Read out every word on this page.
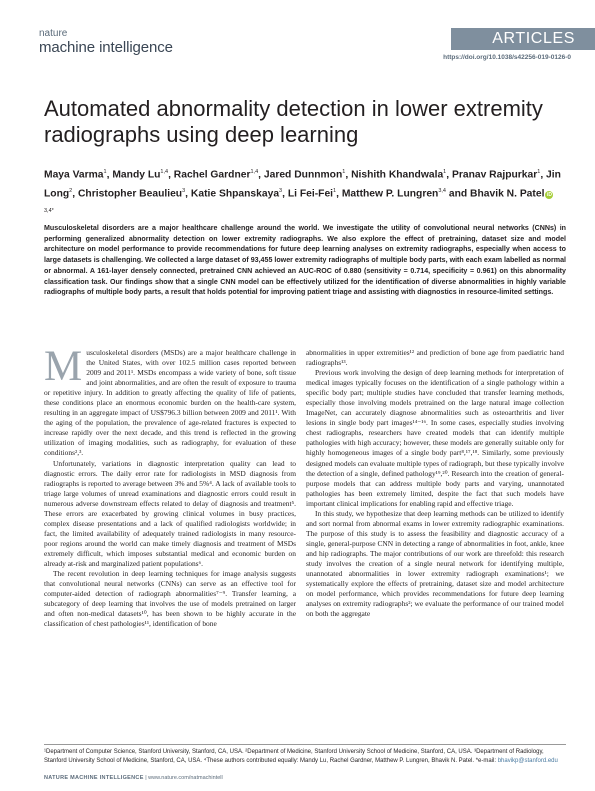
nature
machine intelligence
ARTICLES
https://doi.org/10.1038/s42256-019-0126-0
Automated abnormality detection in lower extremity radiographs using deep learning
Maya Varma$^1$, Mandy Lu$^{1,4}$, Rachel Gardner$^{1,4}$, Jared Dunnmon$^1$, Nishith Khandwala$^1$, Pranav Rajpurkar$^1$, Jin Long$^2$, Christopher Beaulieu$^3$, Katie Shpanskaya$^3$, Li Fei-Fei$^1$, Matthew P. Lungren$^{3,4}$ and Bhavik N. Patel $iD^{3,4*}$
Musculoskeletal disorders are a major healthcare challenge around the world. We investigate the utility of convolutional neural networks (CNNs) in performing generalized abnormality detection on lower extremity radiographs. We also explore the effect of pretraining, dataset size and model architecture on model performance to provide recommendations for future deep learning analyses on extremity radiographs, especially when access to large datasets is challenging. We collected a large dataset of 93,455 lower extremity radiographs of multiple body parts, with each exam labelled as normal or abnormal. A 161-layer densely connected, pretrained CNN achieved an AUC-ROC of 0.880 (sensitivity = 0.714, specificity = 0.961) on this abnormality classification task. Our findings show that a single CNN model can be effectively utilized for the identification of diverse abnormalities in highly variable radiographs of multiple body parts, a result that holds potential for improving patient triage and assisting with diagnostics in resource-limited settings.

Musculoskeletal disorders (MSDs) are a major healthcare challenge in the United States, with over 102.5 million cases reported between 2009 and 2011¹. MSDs encompass a wide variety of bone, soft tissue and joint abnormalities, and are often the result of exposure to trauma or repetitive injury. In addition to greatly affecting the quality of life of patients, these conditions place an enormous economic burden on the health-care system, resulting in an aggregate impact of US$796.3 billion between 2009 and 2011¹. With the aging of the population, the prevalence of age-related fractures is expected to increase rapidly over the next decade, and this trend is reflected in the growing utilization of imaging modalities, such as radiography, for evaluation of these conditions²,³.

Unfortunately, variations in diagnostic interpretation quality can lead to diagnostic errors. The daily error rate for radiologists in MSD diagnosis from radiographs is reported to average between 3% and 5%⁴. A lack of available tools to triage large volumes of unread examinations and diagnostic errors could result in numerous adverse downstream effects related to delay of diagnosis and treatment⁵. These errors are exacerbated by growing clinical volumes in busy practices, complex disease presentations and a lack of qualified radiologists worldwide; in fact, the limited availability of adequately trained radiologists in many resource-poor regions around the world can make timely diagnosis and treatment of MSDs extremely difficult, which imposes substantial medical and economic burden on already at-risk and marginalized patient populations⁶.

The recent revolution in deep learning techniques for image analysis suggests that convolutional neural networks (CNNs) can serve as an effective tool for computer-aided detection of radiograph abnormalities⁷⁻⁹. Transfer learning, a subcategory of deep learning that involves the use of models pretrained on larger and often non-medical datasets¹⁰, has been shown to be highly accurate in the classification of chest pathologies¹¹, identification of bone

abnormalities in upper extremities¹² and prediction of bone age from paediatric hand radiographs¹³.

Previous work involving the design of deep learning methods for interpretation of medical images typically focuses on the identification of a single pathology within a specific body part; multiple studies have concluded that transfer learning methods, especially those involving models pretrained on the large natural image collection ImageNet, can accurately diagnose abnormalities such as osteoarthritis and liver lesions in single body part images¹⁴⁻¹⁶. In some cases, especially studies involving chest radiographs, researchers have created models that can identify multiple pathologies with high accuracy; however, these models are generally suitable only for highly homogeneous images of a single body part⁸,¹⁷,¹⁸. Similarly, some previously designed models can evaluate multiple types of radiograph, but these typically involve the detection of a single, defined pathology¹⁹,²⁰. Research into the creation of general-purpose models that can address multiple body parts and varying, unannotated pathologies has been extremely limited, despite the fact that such models have important clinical implications for enabling rapid and effective triage.

In this study, we hypothesize that deep learning methods can be utilized to identify and sort normal from abnormal exams in lower extremity radiographic examinations. The purpose of this study is to assess the feasibility and diagnostic accuracy of a single, general-purpose CNN in detecting a range of abnormalities in foot, ankle, knee and hip radiographs. The major contributions of our work are threefold: this research study involves the creation of a single neural network for identifying multiple, unannotated abnormalities in lower extremity radiograph examinations¹; we systematically explore the effects of pretraining, dataset size and model architecture on model performance, which provides recommendations for future deep learning analyses on extremity radiographs²; we evaluate the performance of our trained model on both the aggregate

¹Department of Computer Science, Stanford University, Stanford, CA, USA. ²Department of Medicine, Stanford University School of Medicine, Stanford, CA, USA. ³Department of Radiology, Stanford University School of Medicine, Stanford, CA, USA. ⁴These authors contributed equally: Mandy Lu, Rachel Gardner, Matthew P. Lungren, Bhavik N. Patel. *e-mail: bhavikp@stanford.edu
NATURE MACHINE INTELLIGENCE | www.nature.com/natmachintell
